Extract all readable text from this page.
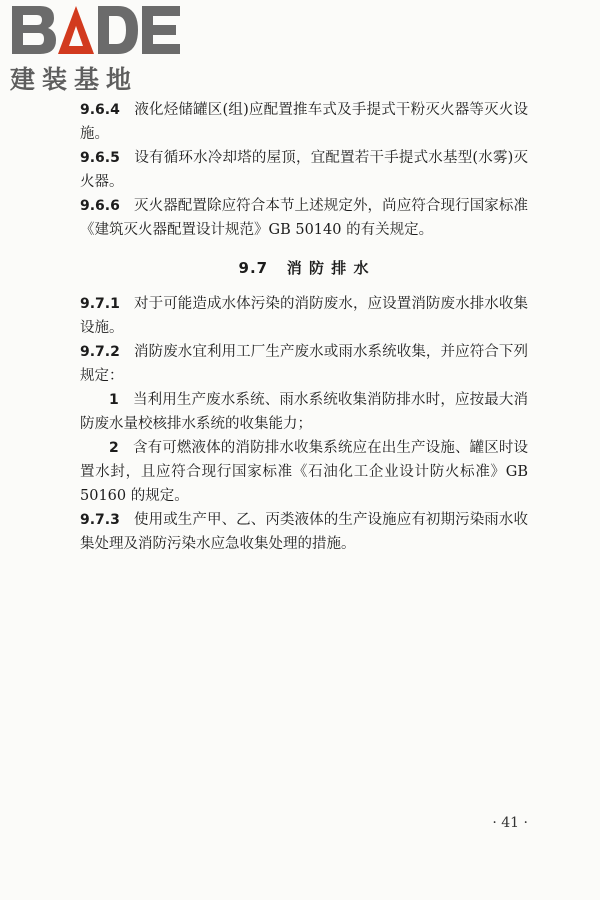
建装基地

9.6.4 液化烃储罐区(组)应配置推车式及手提式干粉灭火器等灭火设施。

9.6.5 设有循环水冷却塔的屋顶，宜配置若干手提式水基型(水雾)灭火器。

9.6.6 灭火器配置除应符合本节上述规定外，尚应符合现行国家标准《建筑灭火器配置设计规范》GB 50140 的有关规定。

9.7 消 防 排 水

9.7.1 对于可能造成水体污染的消防废水，应设置消防废水排水收集设施。

9.7.2 消防废水宜利用工厂生产废水或雨水系统收集，并应符合下列规定：

1 当利用生产废水系统、雨水系统收集消防排水时，应按最大消防废水量校核排水系统的收集能力；

2 含有可燃液体的消防排水收集系统应在出生产设施、罐区时设置水封，且应符合现行国家标准《石油化工企业设计防火标准》GB 50160 的规定。

9.7.3 使用或生产甲、乙、丙类液体的生产设施应有初期污染雨水收集处理及消防污染水应急收集处理的措施。

· 41 ·
